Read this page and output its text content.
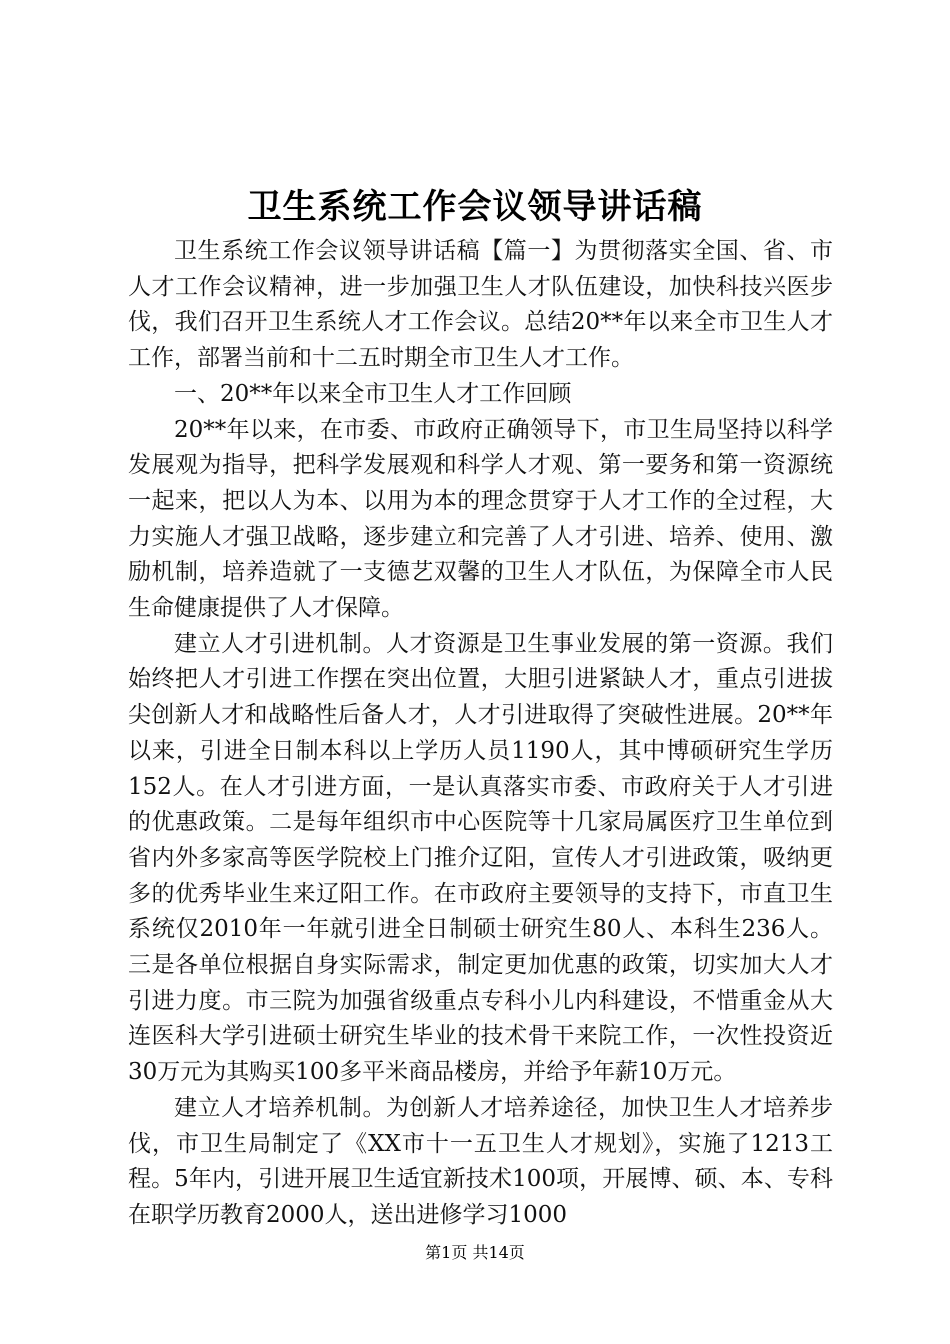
卫生系统工作会议领导讲话稿

卫生系统工作会议领导讲话稿【篇一】为贯彻落实全国、省、市人才工作会议精神，进一步加强卫生人才队伍建设，加快科技兴医步伐，我们召开卫生系统人才工作会议。总结20**年以来全市卫生人才工作，部署当前和十二五时期全市卫生人才工作。

一、20**年以来全市卫生人才工作回顾

20**年以来，在市委、市政府正确领导下，市卫生局坚持以科学发展观为指导，把科学发展观和科学人才观、第一要务和第一资源统一起来，把以人为本、以用为本的理念贯穿于人才工作的全过程，大力实施人才强卫战略，逐步建立和完善了人才引进、培养、使用、激励机制，培养造就了一支德艺双馨的卫生人才队伍，为保障全市人民生命健康提供了人才保障。

建立人才引进机制。人才资源是卫生事业发展的第一资源。我们始终把人才引进工作摆在突出位置，大胆引进紧缺人才，重点引进拔尖创新人才和战略性后备人才，人才引进取得了突破性进展。20**年以来，引进全日制本科以上学历人员1190人，其中博硕研究生学历152人。在人才引进方面，一是认真落实市委、市政府关于人才引进的优惠政策。二是每年组织市中心医院等十几家局属医疗卫生单位到省内外多家高等医学院校上门推介辽阳，宣传人才引进政策，吸纳更多的优秀毕业生来辽阳工作。在市政府主要领导的支持下，市直卫生系统仅2010年一年就引进全日制硕士研究生80人、本科生236人。三是各单位根据自身实际需求，制定更加优惠的政策，切实加大人才引进力度。市三院为加强省级重点专科小儿内科建设，不惜重金从大连医科大学引进硕士研究生毕业的技术骨干来院工作，一次性投资近30万元为其购买100多平米商品楼房，并给予年薪10万元。

建立人才培养机制。为创新人才培养途径，加快卫生人才培养步伐，市卫生局制定了《XX市十一五卫生人才规划》，实施了1213工程。5年内，引进开展卫生适宜新技术100项，开展博、硕、本、专科在职学历教育2000人，送出进修学习1000

第1页 共14页
